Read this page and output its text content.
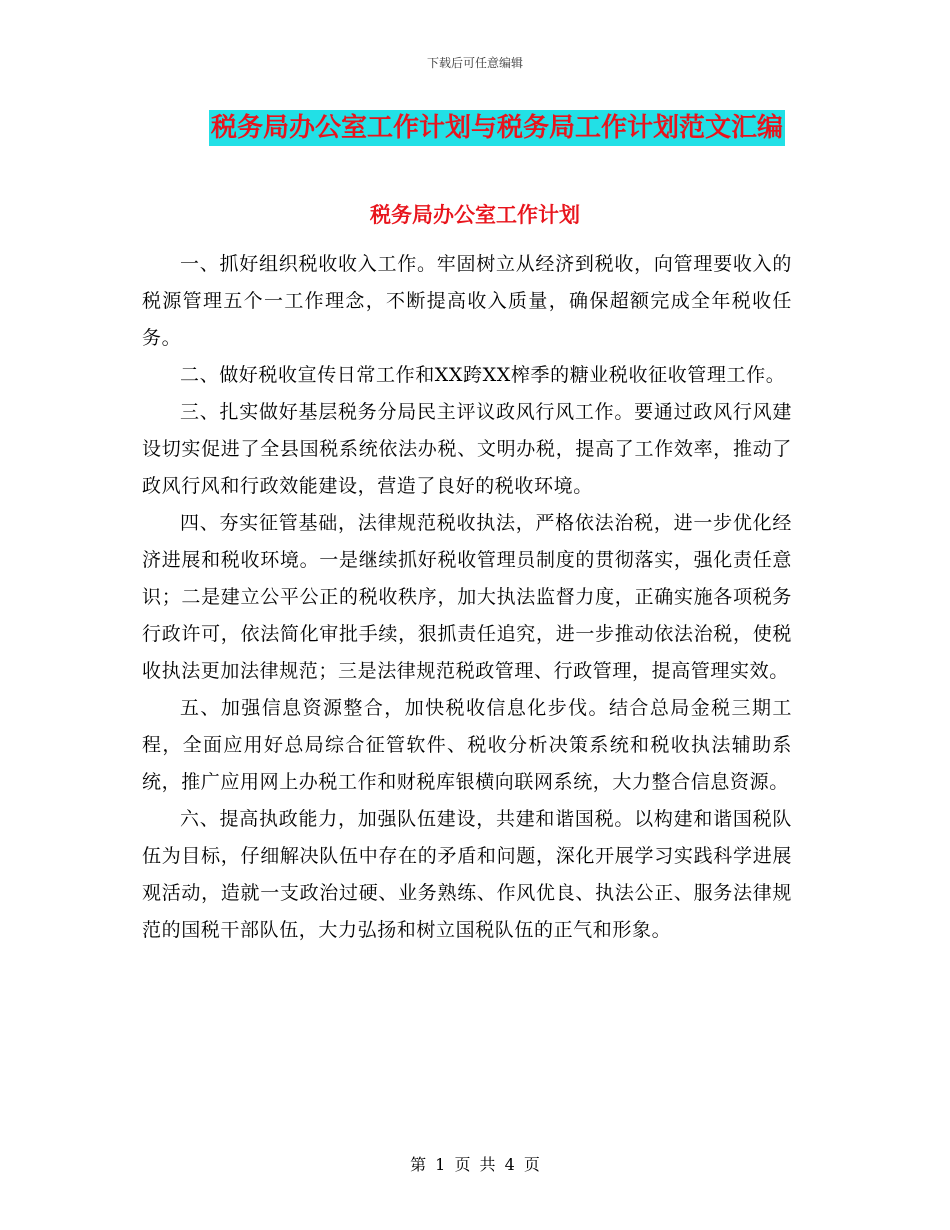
下载后可任意编辑
税务局办公室工作计划与税务局工作计划范文汇编
税务局办公室工作计划

一、抓好组织税收收入工作。牢固树立从经济到税收，向管理要收入的税源管理五个一工作理念，不断提高收入质量，确保超额完成全年税收任务。

二、做好税收宣传日常工作和XX跨XX榨季的糖业税收征收管理工作。

三、扎实做好基层税务分局民主评议政风行风工作。要通过政风行风建设切实促进了全县国税系统依法办税、文明办税，提高了工作效率，推动了政风行风和行政效能建设，营造了良好的税收环境。

四、夯实征管基础，法律规范税收执法，严格依法治税，进一步优化经济进展和税收环境。一是继续抓好税收管理员制度的贯彻落实，强化责任意识；二是建立公平公正的税收秩序，加大执法监督力度，正确实施各项税务行政许可，依法简化审批手续，狠抓责任追究，进一步推动依法治税，使税收执法更加法律规范；三是法律规范税政管理、行政管理，提高管理实效。

五、加强信息资源整合，加快税收信息化步伐。结合总局金税三期工程，全面应用好总局综合征管软件、税收分析决策系统和税收执法辅助系统，推广应用网上办税工作和财税库银横向联网系统，大力整合信息资源。

六、提高执政能力，加强队伍建设，共建和谐国税。以构建和谐国税队伍为目标，仔细解决队伍中存在的矛盾和问题，深化开展学习实践科学进展观活动，造就一支政治过硬、业务熟练、作风优良、执法公正、服务法律规范的国税干部队伍，大力弘扬和树立国税队伍的正气和形象。

第 1 页 共 4 页
